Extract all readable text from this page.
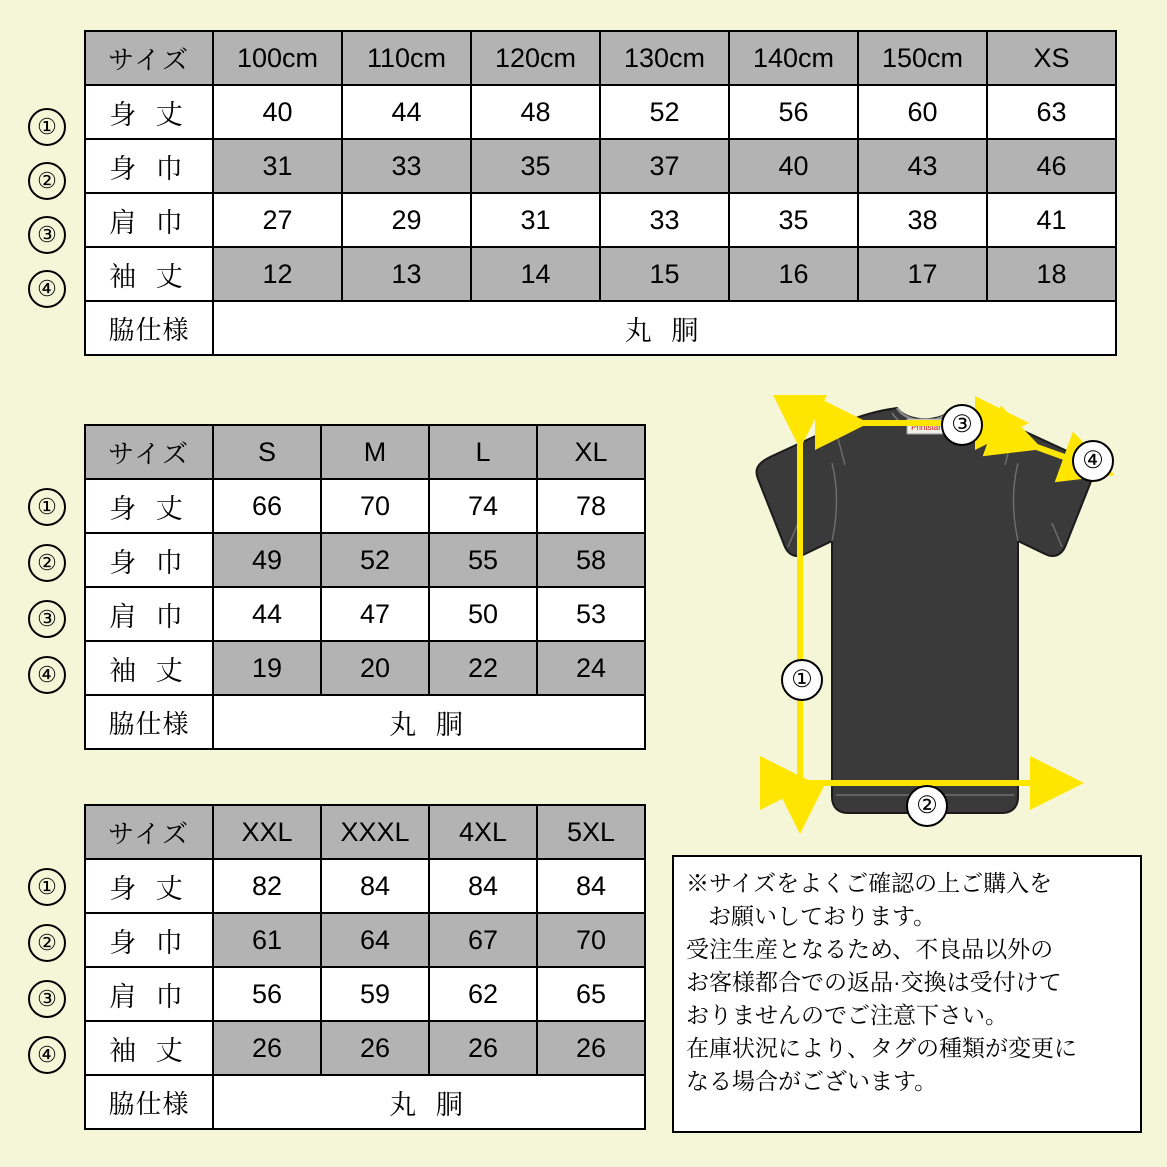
①
②
③
④
サイズ	100cm	110cm	120cm	130cm	140cm	150cm	XS
身 丈	40	44	48	52	56	60	63
身 巾	31	33	35	37	40	43	46
肩 巾	27	29	31	33	35	38	41
袖 丈	12	13	14	15	16	17	18
脇仕様	丸 胴						
①
②
③
④
サイズ	S	M	L	XL
身 丈	66	70	74	78
身 巾	49	52	55	58
肩 巾	44	47	50	53
袖 丈	19	20	22	24
脇仕様	丸 胴			
①
②
③
④
サイズ	XXL	XXXL	4XL	5XL
身 丈	82	84	84	84
身 巾	61	64	67	70
肩 巾	56	59	62	65
袖 丈	26	26	26	26
脇仕様	丸 胴			
Printstar ③
④
①
②
※サイズをよくご確認の上ご購入を
お願いしております。
受注生産となるため、不良品以外の
お客様都合での返品·交換は受付けて
おりませんのでご注意下さい。
在庫状況により、タグの種類が変更に
なる場合がございます。
